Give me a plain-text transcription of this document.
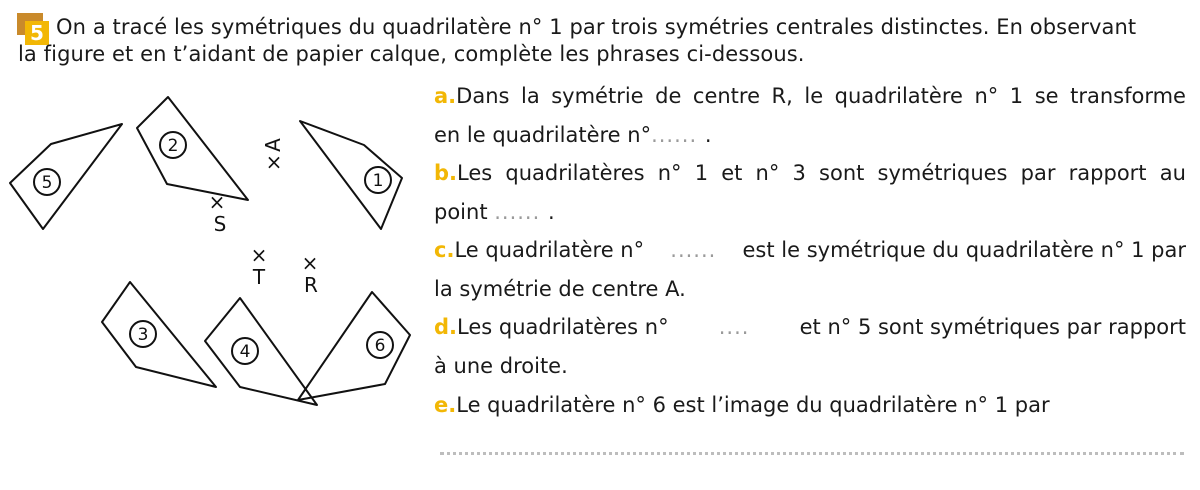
5 On a tracé les symétriques du quadrilatère n° 1 par trois symétries centrales distinctes. En observant
la figure et en t’aidant de papier calque, complète les phrases ci-dessous.
5
2
1
3
4	6
×
A
×
S
×
T
×
R
a.Dans la symétrie de centre R, le quadrilatère n° 1 se transforme
en le quadrilatère n°...... .
b.Les quadrilatères n° 1 et n° 3 sont symétriques par rapport au
point ...... .
c.Le quadrilatère n° ...... est le symétrique du quadrilatère n° 1 par
la symétrie de centre A.
d.Les quadrilatères n° .... et n° 5 sont symétriques par rapport
à une droite.
e.Le quadrilatère n° 6 est l’image du quadrilatère n° 1 par
